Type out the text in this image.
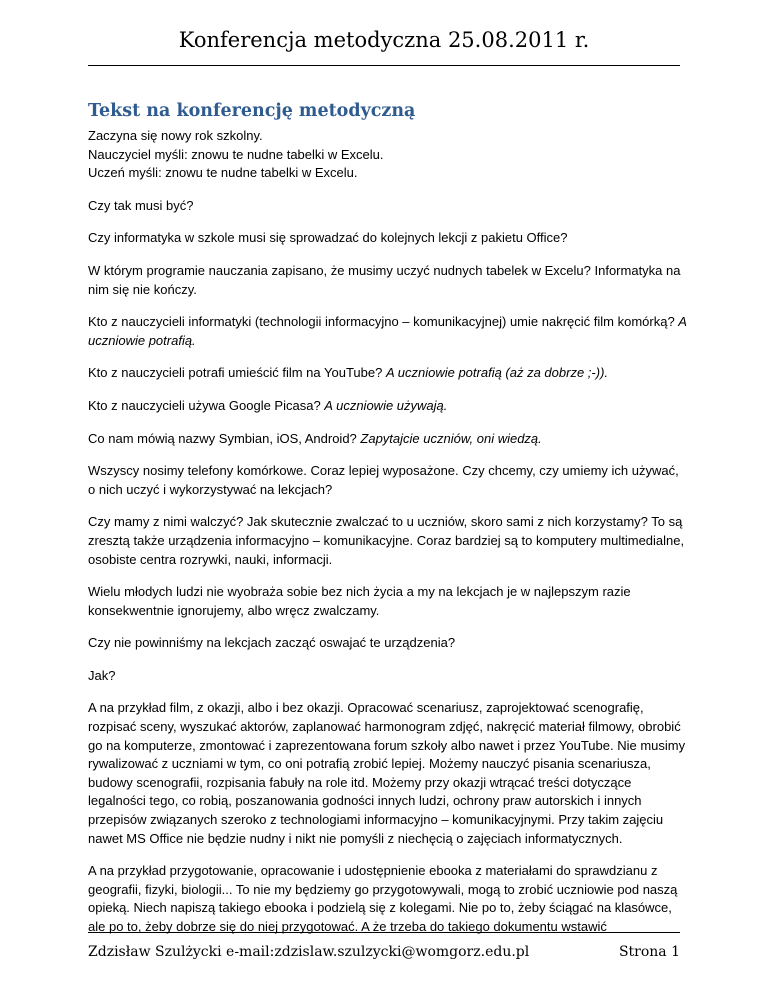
Konferencja metodyczna 25.08.2011 r.
Tekst na konferencję metodyczną

Zaczyna się nowy rok szkolny.

Nauczyciel myśli: znowu te nudne tabelki w Excelu.

Uczeń myśli: znowu te nudne tabelki w Excelu.

Czy tak musi być?

Czy informatyka w szkole musi się sprowadzać do kolejnych lekcji z pakietu Office?

W którym programie nauczania zapisano, że musimy uczyć nudnych tabelek w Excelu? Informatyka na nim się nie kończy.

Kto z nauczycieli informatyki (technologii informacyjno – komunikacyjnej) umie nakręcić film komórką? A uczniowie potrafią.

Kto z nauczycieli potrafi umieścić film na YouTube? A uczniowie potrafią (aż za dobrze ;-)).

Kto z nauczycieli używa Google Picasa? A uczniowie używają.

Co nam mówią nazwy Symbian, iOS, Android? Zapytajcie uczniów, oni wiedzą.

Wszyscy nosimy telefony komórkowe. Coraz lepiej wyposażone. Czy chcemy, czy umiemy ich używać, o nich uczyć i wykorzystywać na lekcjach?

Czy mamy z nimi walczyć? Jak skutecznie zwalczać to u uczniów, skoro sami z nich korzystamy? To są zresztą także urządzenia informacyjno – komunikacyjne. Coraz bardziej są to komputery multimedialne, osobiste centra rozrywki, nauki, informacji.

Wielu młodych ludzi nie wyobraża sobie bez nich życia a my na lekcjach je w najlepszym razie konsekwentnie ignorujemy, albo wręcz zwalczamy.

Czy nie powinniśmy na lekcjach zacząć oswajać te urządzenia?

Jak?

A na przykład film, z okazji, albo i bez okazji. Opracować scenariusz, zaprojektować scenografię, rozpisać sceny, wyszukać aktorów, zaplanować harmonogram zdjęć, nakręcić materiał filmowy, obrobić go na komputerze, zmontować i zaprezentowana forum szkoły albo nawet i przez YouTube. Nie musimy rywalizować z uczniami w tym, co oni potrafią zrobić lepiej. Możemy nauczyć pisania scenariusza, budowy scenografii, rozpisania fabuły na role itd. Możemy przy okazji wtrącać treści dotyczące legalności tego, co robią, poszanowania godności innych ludzi, ochrony praw autorskich i innych przepisów związanych szeroko z technologiami informacyjno – komunikacyjnymi. Przy takim zajęciu nawet MS Office nie będzie nudny i nikt nie pomyśli z niechęcią o zajęciach informatycznych.

A na przykład przygotowanie, opracowanie i udostępnienie ebooka z materiałami do sprawdzianu z geografii, fizyki, biologii... To nie my będziemy go przygotowywali, mogą to zrobić uczniowie pod naszą opieką. Niech napiszą takiego ebooka i podzielą się z kolegami. Nie po to, żeby ściągać na klasówce, ale po to, żeby dobrze się do niej przygotować. A że trzeba do takiego dokumentu wstawić

Zdzisław Szulżycki e-mail:zdzislaw.szulzycki@womgorz.edu.pl	Strona 1
